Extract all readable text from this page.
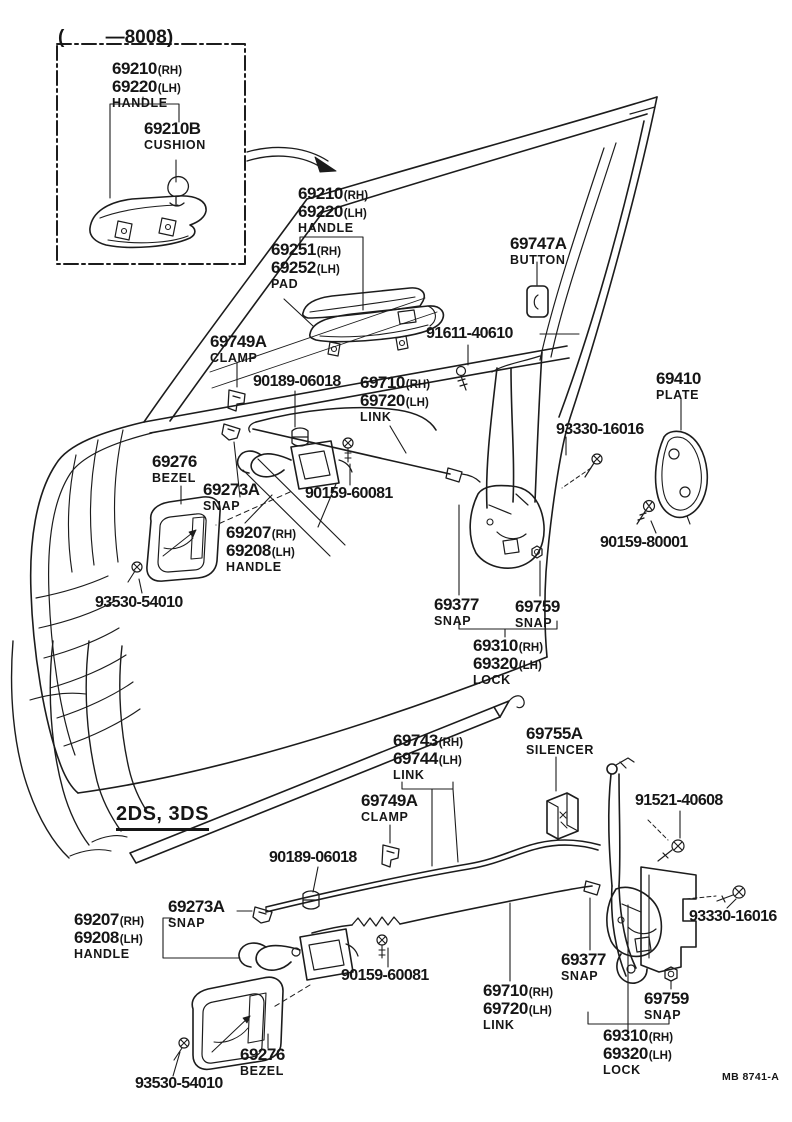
( —8008)
69210 (RH)
69220 (LH)
HANDLE
69210B
CUSHION
69210 (RH)
69220 (LH)
HANDLE
69251 (RH)
69252 (LH)
PAD
69747A
BUTTON
91611-40610
69749A
CLAMP
90189-06018 69710 (RH)
69720 (LH)
LINK
69410
PLATE
93330-16016
69276
BEZEL
69273A
SNAP
90159-60081
69207 (RH)
69208 (LH)
HANDLE
93530-54010
90159-80001
69377
SNAP
69759
SNAP
69310 (RH)
69320 (LH)
LOCK
2DS, 3DS
69743 (RH)
69744 (LH)
LINK
69755A
SILENCER
69749A
CLAMP
91521-40608
90189-06018
69273A
SNAP
69207 (RH)
69208 (LH)
HANDLE
90159-60081
69710 (RH)
69720 (LH)
LINK
69377
SNAP
93330-16016
69759
SNAP
69310 (RH)
69320 (LH)
LOCK
69276
BEZEL
93530-54010	MB 8741-A
